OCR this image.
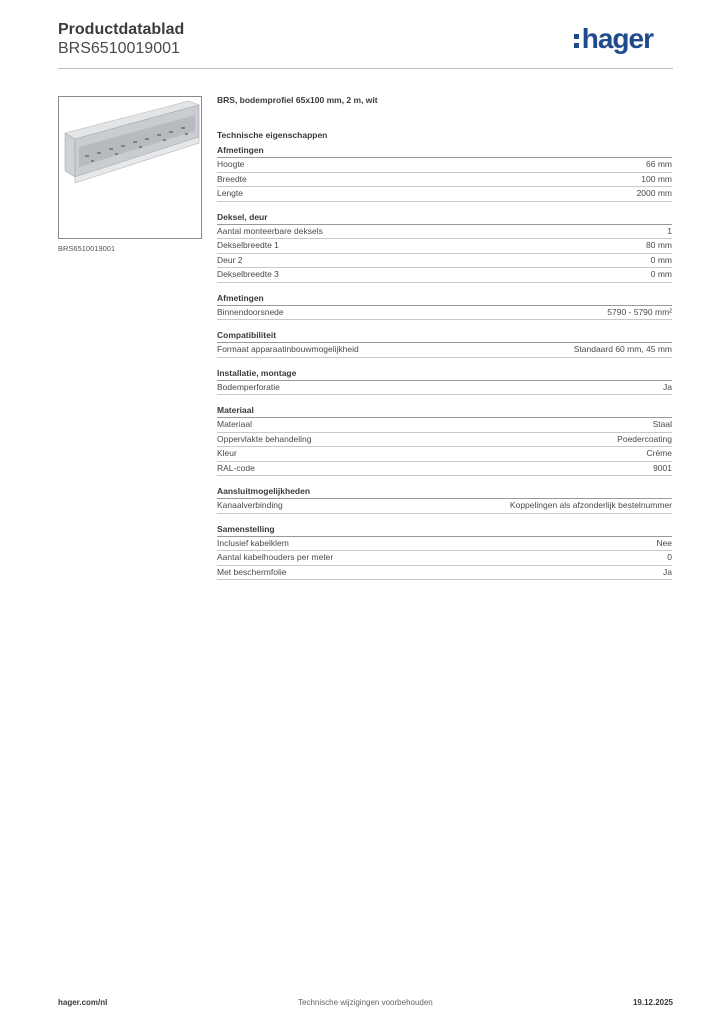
Productdatablad
BRS6510019001	hager
BRS6510019001
BRS, bodemprofiel 65x100 mm, 2 m, wit
Technische eigenschappen
Afmetingen
Hoogte	66 mm
Breedte	100 mm
Lengte	2000 mm
Deksel, deur
Aantal monteerbare deksels	1
Dekselbreedte 1	80 mm
Deur 2	0 mm
Dekselbreedte 3	0 mm
Afmetingen
Binnendoorsnede	5790 - 5790 mm²
Compatibiliteit
Formaat apparaatinbouwmogelijkheid	Standaard 60 mm, 45 mm
Installatie, montage
Bodemperforatie	Ja
Materiaal
Materiaal	Staal
Oppervlakte behandeling	Poedercoating
Kleur	Crème
RAL-code	9001
Aansluitmogelijkheden
Kanaalverbinding	Koppelingen als afzonderlijk bestelnummer
Samenstelling
Inclusief kabelklem	Nee
Aantal kabelhouders per meter	0
Met beschermfolie	Ja
hager.com/nl	Technische wijzigingen voorbehouden	19.12.2025
